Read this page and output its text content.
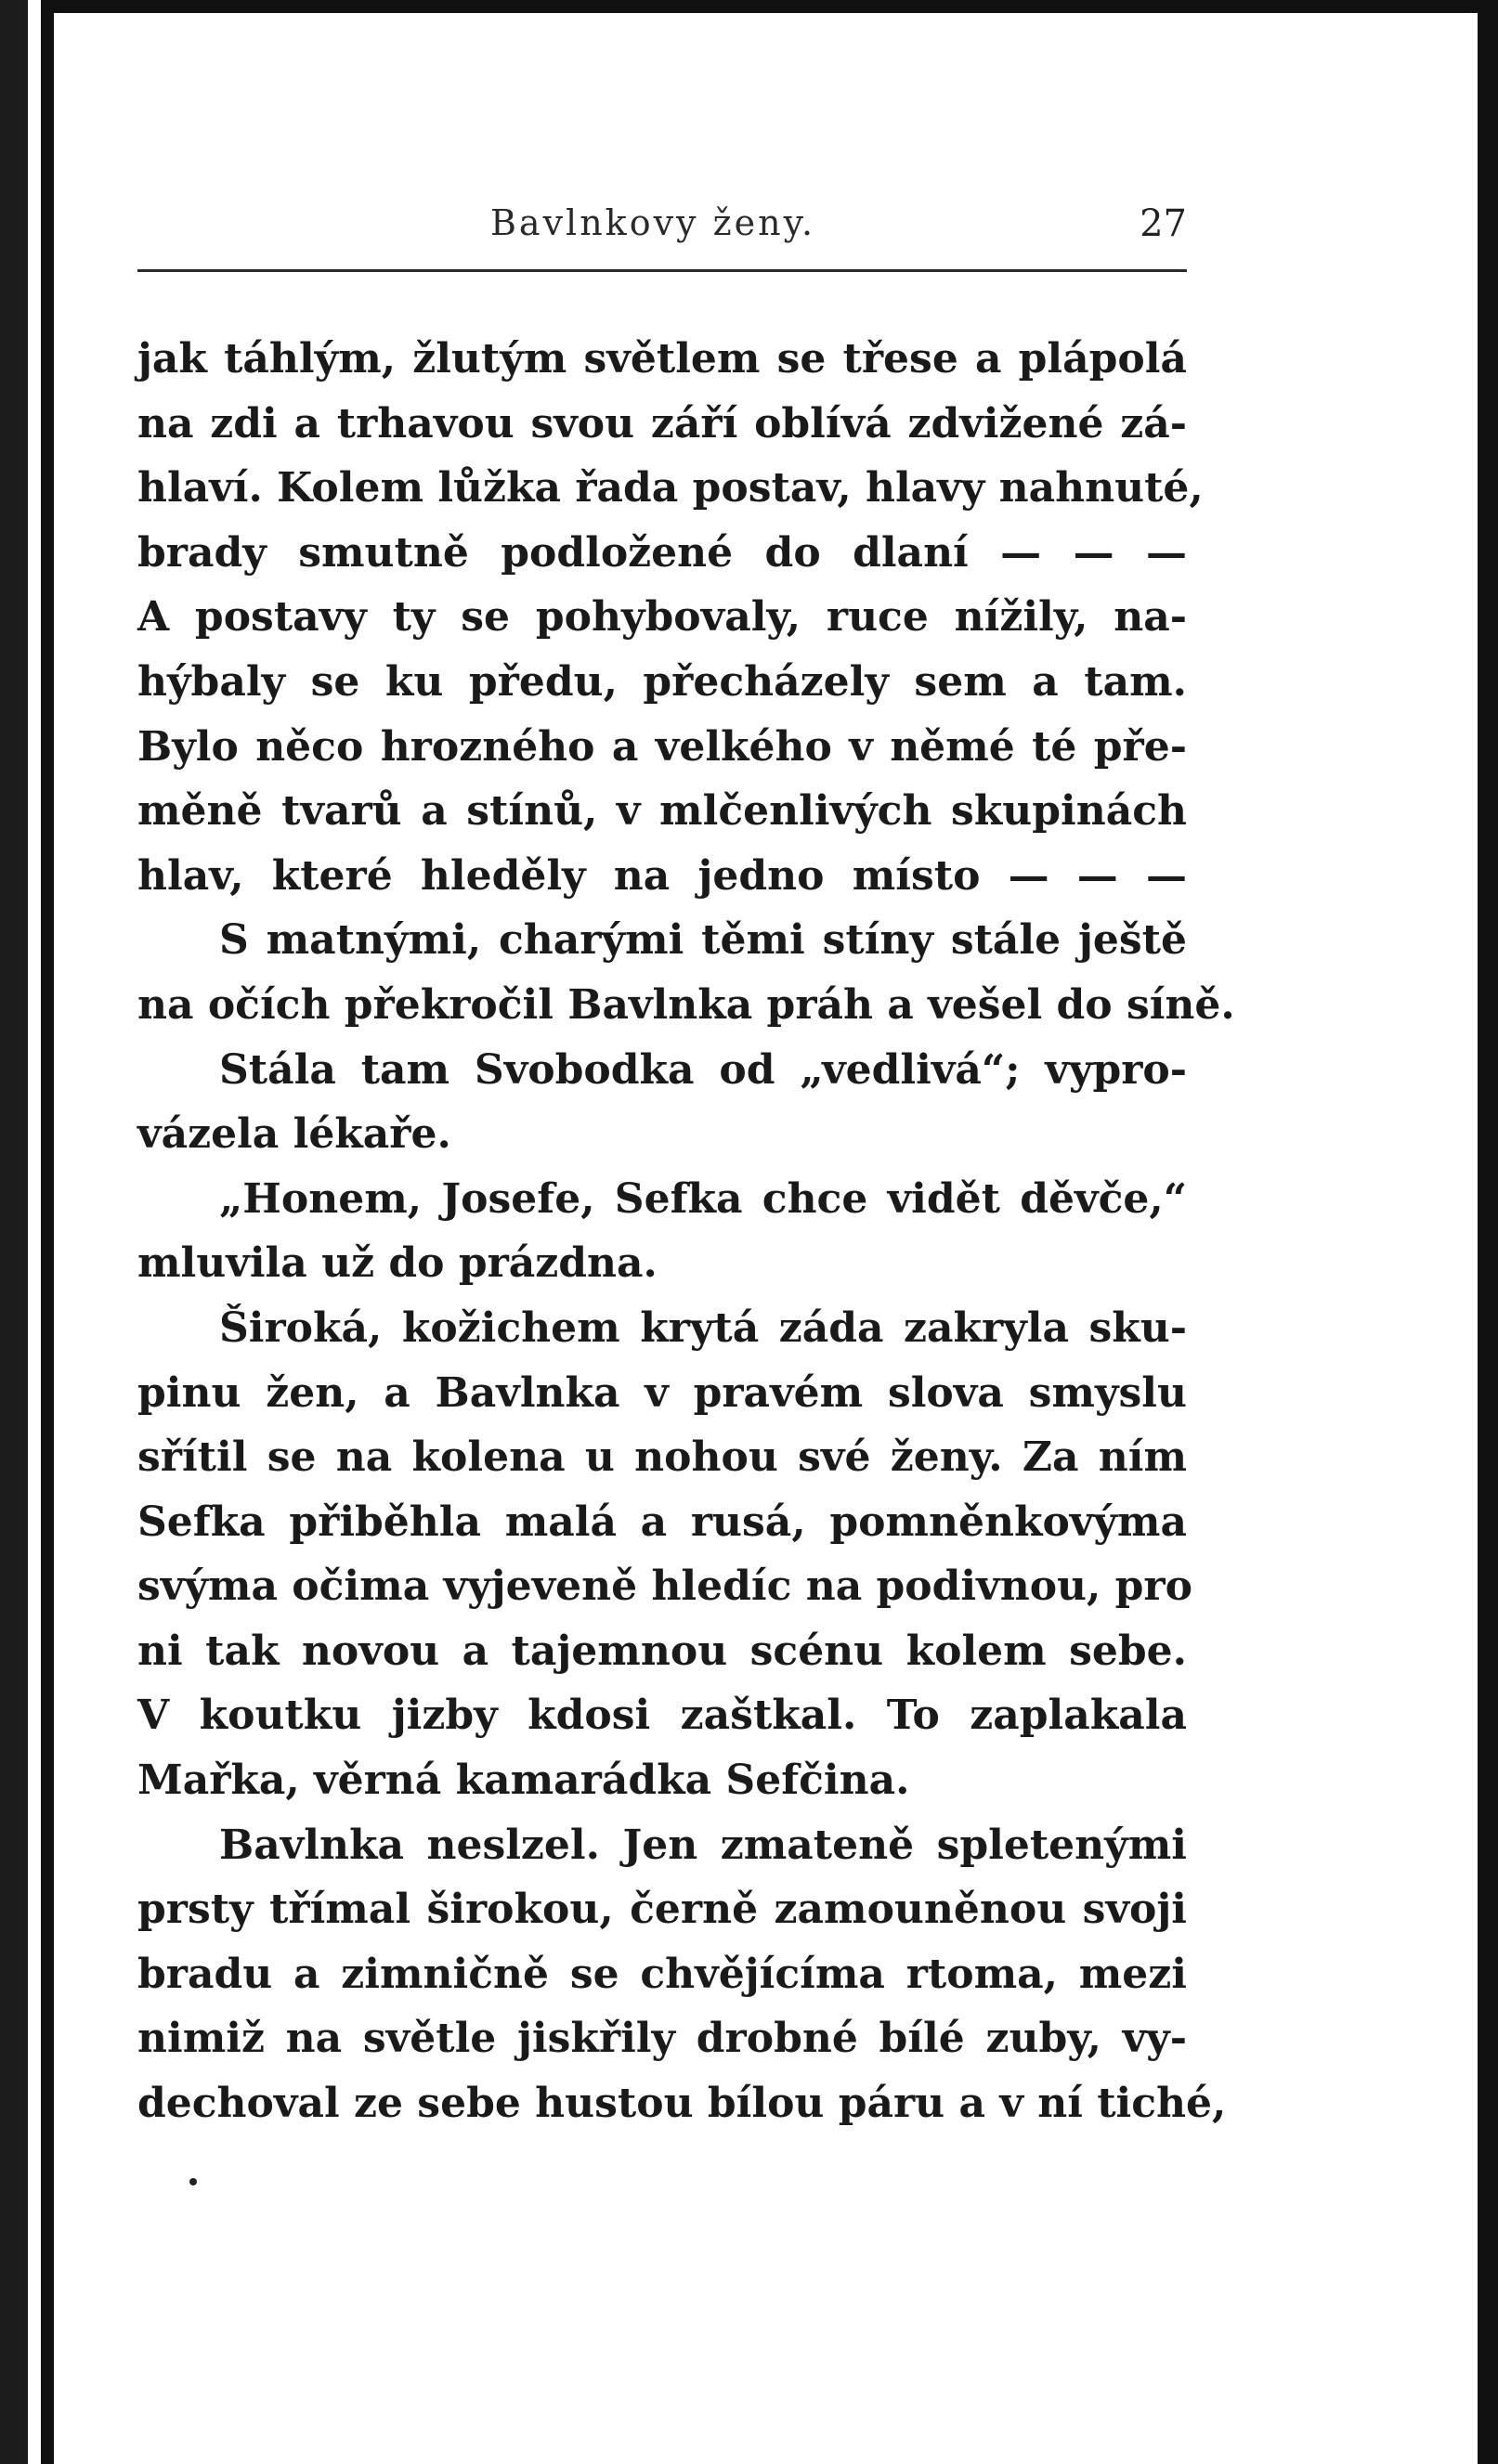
Bavlnkovy ženy.	27
jak táhlým, žlutým světlem se třese a plápolá
na zdi a trhavou svou září oblívá zdvižené zá-
hlaví. Kolem lůžka řada postav, hlavy nahnuté,
brady smutně podložené do dlaní — — —
A postavy ty se pohybovaly, ruce nížily, na-
hýbaly se ku předu, přecházely sem a tam.
Bylo něco hrozného a velkého v němé té pře-
měně tvarů a stínů, v mlčenlivých skupinách
hlav, které hleděly na jedno místo — — —
S matnými, charými těmi stíny stále ještě
na očích překročil Bavlnka práh a vešel do síně.
Stála tam Svobodka od „vedlivá“; vypro-
vázela lékaře.
„Honem, Josefe, Sefka chce vidět děvče,“
mluvila už do prázdna.
Široká, kožichem krytá záda zakryla sku-
pinu žen, a Bavlnka v pravém slova smyslu
sřítil se na kolena u nohou své ženy. Za ním
Sefka přiběhla malá a rusá, pomněnkovýma
svýma očima vyjeveně hledíc na podivnou, pro
ni tak novou a tajemnou scénu kolem sebe.
V koutku jizby kdosi zaštkal. To zaplakala
Mařka, věrná kamarádka Sefčina.
Bavlnka neslzel. Jen zmateně spletenými
prsty třímal širokou, černě zamouněnou svoji
bradu a zimničně se chvějícíma rtoma, mezi
nimiž na světle jiskřily drobné bílé zuby, vy-
dechoval ze sebe hustou bílou páru a v ní tiché,
